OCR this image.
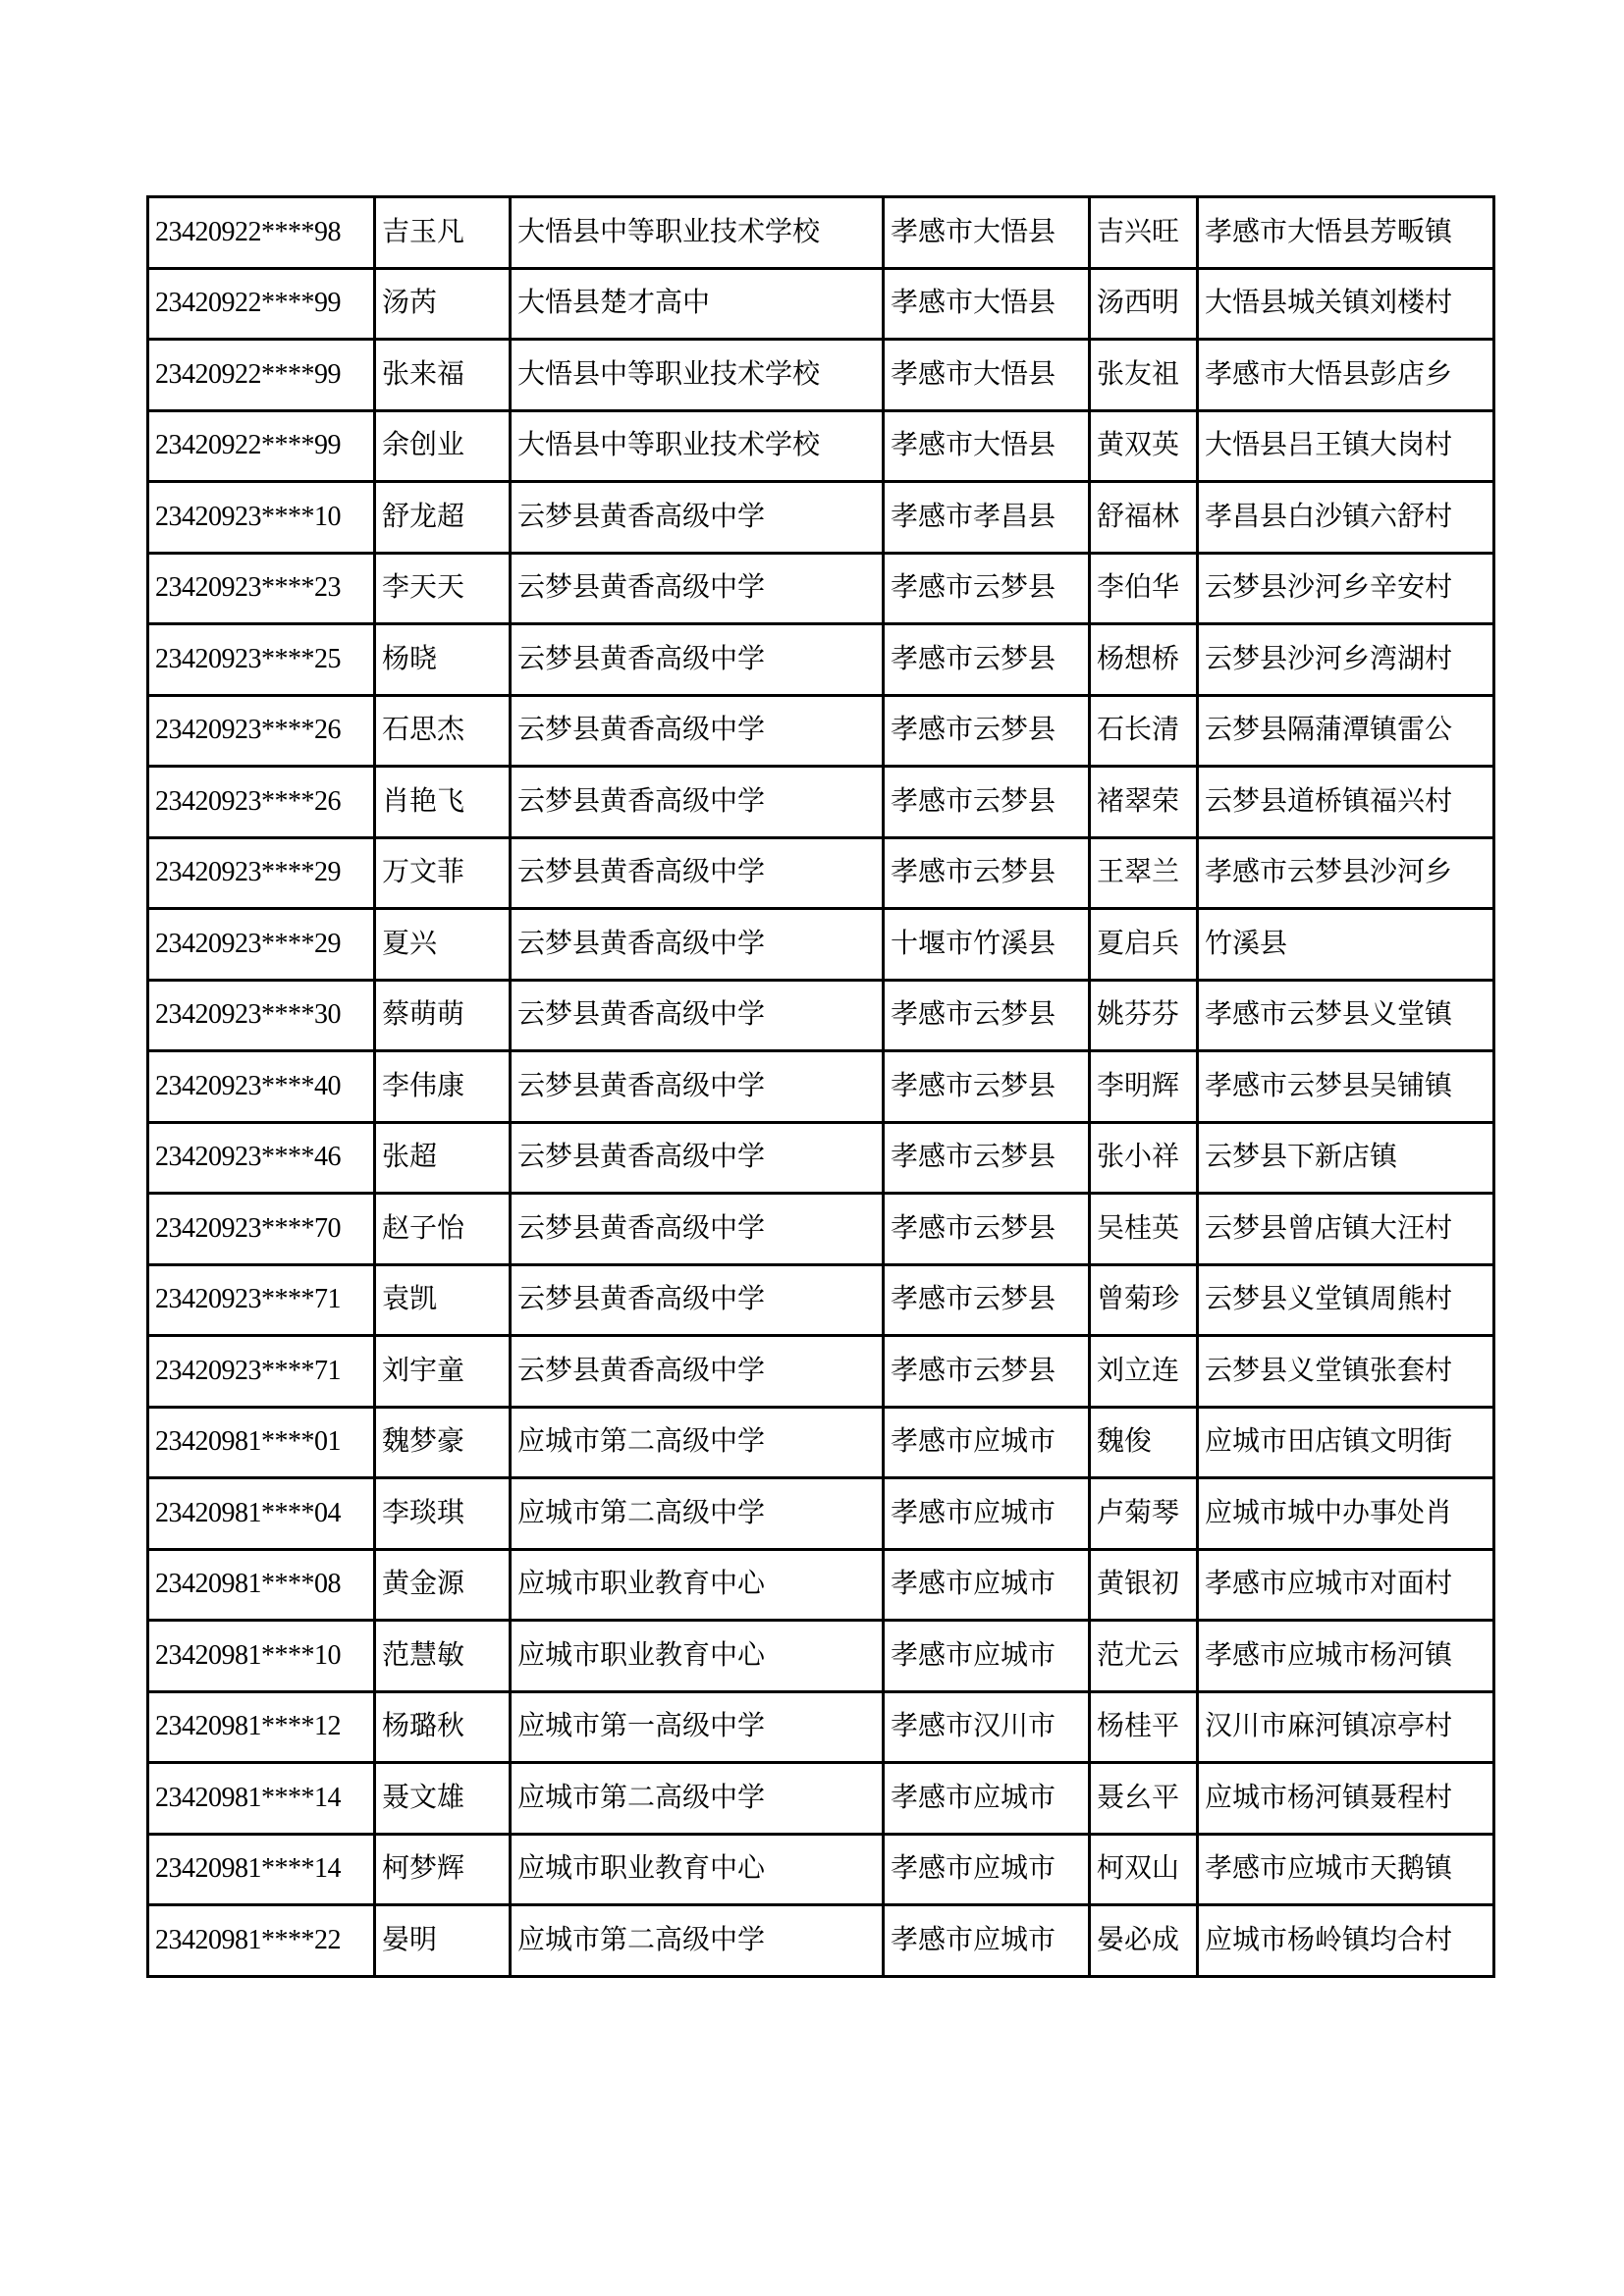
23420922****98	吉玉凡	大悟县中等职业技术学校	孝感市大悟县	吉兴旺	孝感市大悟县芳畈镇
23420922****99	汤芮	大悟县楚才高中	孝感市大悟县	汤西明	大悟县城关镇刘楼村
23420922****99	张来福	大悟县中等职业技术学校	孝感市大悟县	张友祖	孝感市大悟县彭店乡
23420922****99	余创业	大悟县中等职业技术学校	孝感市大悟县	黄双英	大悟县吕王镇大岗村
23420923****10	舒龙超	云梦县黄香高级中学	孝感市孝昌县	舒福林	孝昌县白沙镇六舒村
23420923****23	李天天	云梦县黄香高级中学	孝感市云梦县	李伯华	云梦县沙河乡辛安村
23420923****25	杨晓	云梦县黄香高级中学	孝感市云梦县	杨想桥	云梦县沙河乡湾湖村
23420923****26	石思杰	云梦县黄香高级中学	孝感市云梦县	石长清	云梦县隔蒲潭镇雷公
23420923****26	肖艳飞	云梦县黄香高级中学	孝感市云梦县	褚翠荣	云梦县道桥镇福兴村
23420923****29	万文菲	云梦县黄香高级中学	孝感市云梦县	王翠兰	孝感市云梦县沙河乡
23420923****29	夏兴	云梦县黄香高级中学	十堰市竹溪县	夏启兵	竹溪县
23420923****30	蔡萌萌	云梦县黄香高级中学	孝感市云梦县	姚芬芬	孝感市云梦县义堂镇
23420923****40	李伟康	云梦县黄香高级中学	孝感市云梦县	李明辉	孝感市云梦县吴铺镇
23420923****46	张超	云梦县黄香高级中学	孝感市云梦县	张小祥	云梦县下新店镇
23420923****70	赵子怡	云梦县黄香高级中学	孝感市云梦县	吴桂英	云梦县曾店镇大汪村
23420923****71	袁凯	云梦县黄香高级中学	孝感市云梦县	曾菊珍	云梦县义堂镇周熊村
23420923****71	刘宇童	云梦县黄香高级中学	孝感市云梦县	刘立连	云梦县义堂镇张套村
23420981****01	魏梦豪	应城市第二高级中学	孝感市应城市	魏俊	应城市田店镇文明街
23420981****04	李琰琪	应城市第二高级中学	孝感市应城市	卢菊琴	应城市城中办事处肖
23420981****08	黄金源	应城市职业教育中心	孝感市应城市	黄银初	孝感市应城市对面村
23420981****10	范慧敏	应城市职业教育中心	孝感市应城市	范尤云	孝感市应城市杨河镇
23420981****12	杨璐秋	应城市第一高级中学	孝感市汉川市	杨桂平	汉川市麻河镇凉亭村
23420981****14	聂文雄	应城市第二高级中学	孝感市应城市	聂幺平	应城市杨河镇聂程村
23420981****14	柯梦辉	应城市职业教育中心	孝感市应城市	柯双山	孝感市应城市天鹅镇
23420981****22	晏明	应城市第二高级中学	孝感市应城市	晏必成	应城市杨岭镇均合村
